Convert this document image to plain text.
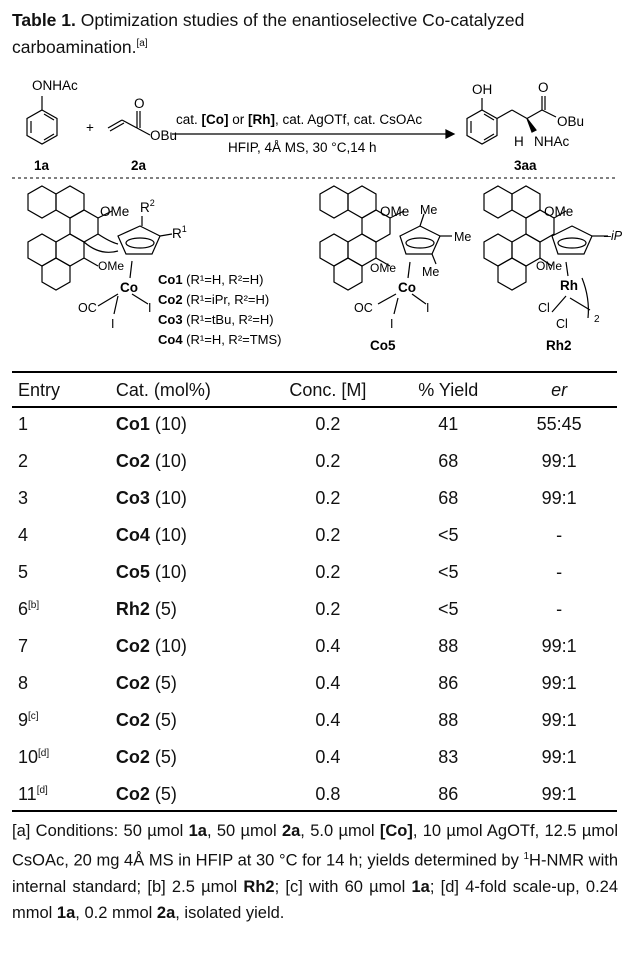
Table 1. Optimization studies of the enantioselective Co-catalyzed carboamination.[a]
ONHAc
1a
+
O
OBu
2a
cat. [Co] or [Rh], cat. AgOTf, cat. CsOAc
HFIP, 4Å MS, 30 °C,14 h
OH	O
OBu
H NHAc
3aa
OMe $R^2$
$R^1$
OMe
Co
OC
I
I
Co1 (R¹=H, R²=H)
Co2 (R¹=iPr, R²=H)
Co3 (R¹=tBu, R²=H)
Co4 (R¹=H, R²=TMS)
OMe Me
Me
Me
OMe
Co
OC
I
I
Co5
OMe
–iP
OMe
Rh
Cl
Cl	2
Rh2
Entry	Cat. (mol%)	Conc. [M]	% Yield	er
1	Co1 (10)	0.2	41	55:45
2	Co2 (10)	0.2	68	99:1
3	Co3 (10)	0.2	68	99:1
4	Co4 (10)	0.2	<5	-
5	Co5 (10)	0.2	<5	-
6[b]	Rh2 (5)	0.2	<5	-
7	Co2 (10)	0.4	88	99:1
8	Co2 (5)	0.4	86	99:1
9[c]	Co2 (5)	0.4	88	99:1
10[d]	Co2 (5)	0.4	83	99:1
11[d]	Co2 (5)	0.8	86	99:1
[a] Conditions: 50 µmol 1a, 50 µmol 2a, 5.0 µmol [Co], 10 µmol AgOTf, 12.5 µmol CsOAc, 20 mg 4Å MS in HFIP at 30 °C for 14 h; yields determined by $^1$H-NMR with internal standard; [b] 2.5 µmol Rh2; [c] with 60 µmol 1a; [d] 4-fold scale-up, 0.24 mmol 1a, 0.2 mmol 2a, isolated yield.
